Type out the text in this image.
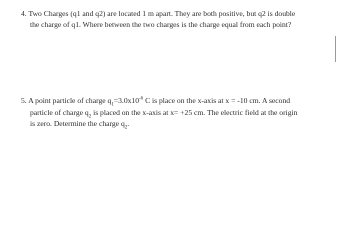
4. Two Charges (q1 and q2) are located 1 m apart. They are both positive, but q2 is double
the charge of q1. Where between the two charges is the charge equal from each point?
5. A point particle of charge $q_1=3.0x10^{-6}$ C is place on the x-axis at x = -10 cm. A second
particle of charge $q_2$ is placed on the x-axis at x= +25 cm. The electric field at the origin
is zero. Determine the charge $q_2$.
